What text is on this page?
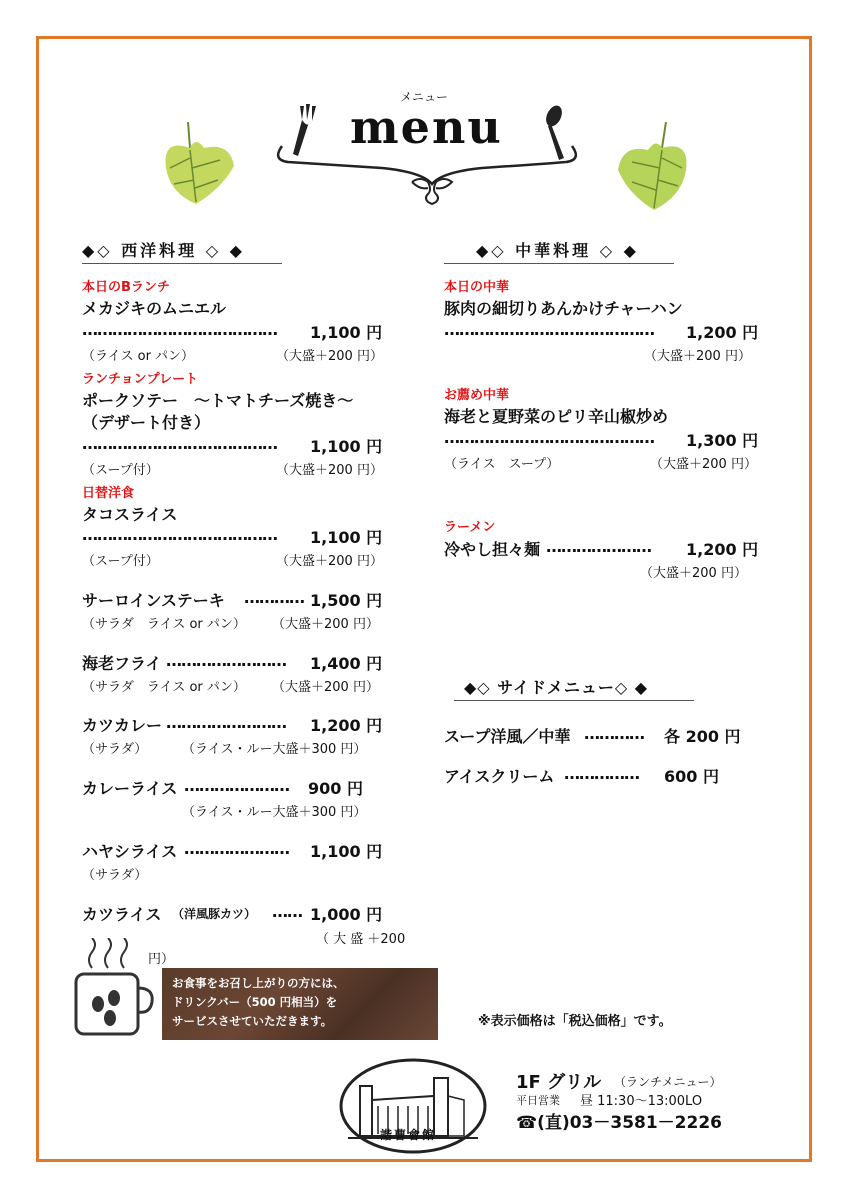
メニュー
menu
◆◇ 西洋料理 ◇ ◆
本日のBランチ
メカジキのムニエル
………………………………… 1,100 円
（ライス or パン）	（大盛＋200 円）
ランチョンプレート
ポークソテー　～トマトチーズ焼き～
（デザート付き）
………………………………… 1,100 円
（スープ付）	（大盛＋200 円）
日替洋食
タコスライス
………………………………… 1,100 円
（スープ付）	（大盛＋200 円）
サーロインステーキ ………… 1,500 円
（サラダ　ライス or パン） （大盛＋200 円）
海老フライ …………………… 1,400 円
（サラダ　ライス or パン） （大盛＋200 円）
カツカレー …………………… 1,200 円
（サラダ）	（ライス・ルー大盛＋300 円）
カレーライス ………………… 900 円
（ライス・ルー大盛＋300 円）
ハヤシライス ………………… 1,100 円
（サラダ）
カツライス （洋風豚カツ） …… 1,000 円
（ 大 盛 ＋200
円）
お食事をお召し上がりの方には、
ドリンクバー（500 円相当）を
サービスさせていただきます。
◆◇ 中華料理 ◇ ◆
本日の中華
豚肉の細切りあんかけチャーハン
…………………………………… 1,200 円
（大盛＋200 円）
お薦め中華
海老と夏野菜のピリ辛山椒炒め
…………………………………… 1,300 円
（ライス　スープ）	（大盛＋200 円）
ラーメン
冷やし担々麺 ………………… 1,200 円
（大盛＋200 円）
◆◇ サイドメニュー◇ ◆
スープ洋風／中華 ………… 各 200 円
アイスクリーム …………… 600 円
※表示価格は「税込価格」です。
諧曹會館
1F グリル （ランチメニュー）
平日営業 昼 11:30～13:00LO
☎(直)03－3581－2226
